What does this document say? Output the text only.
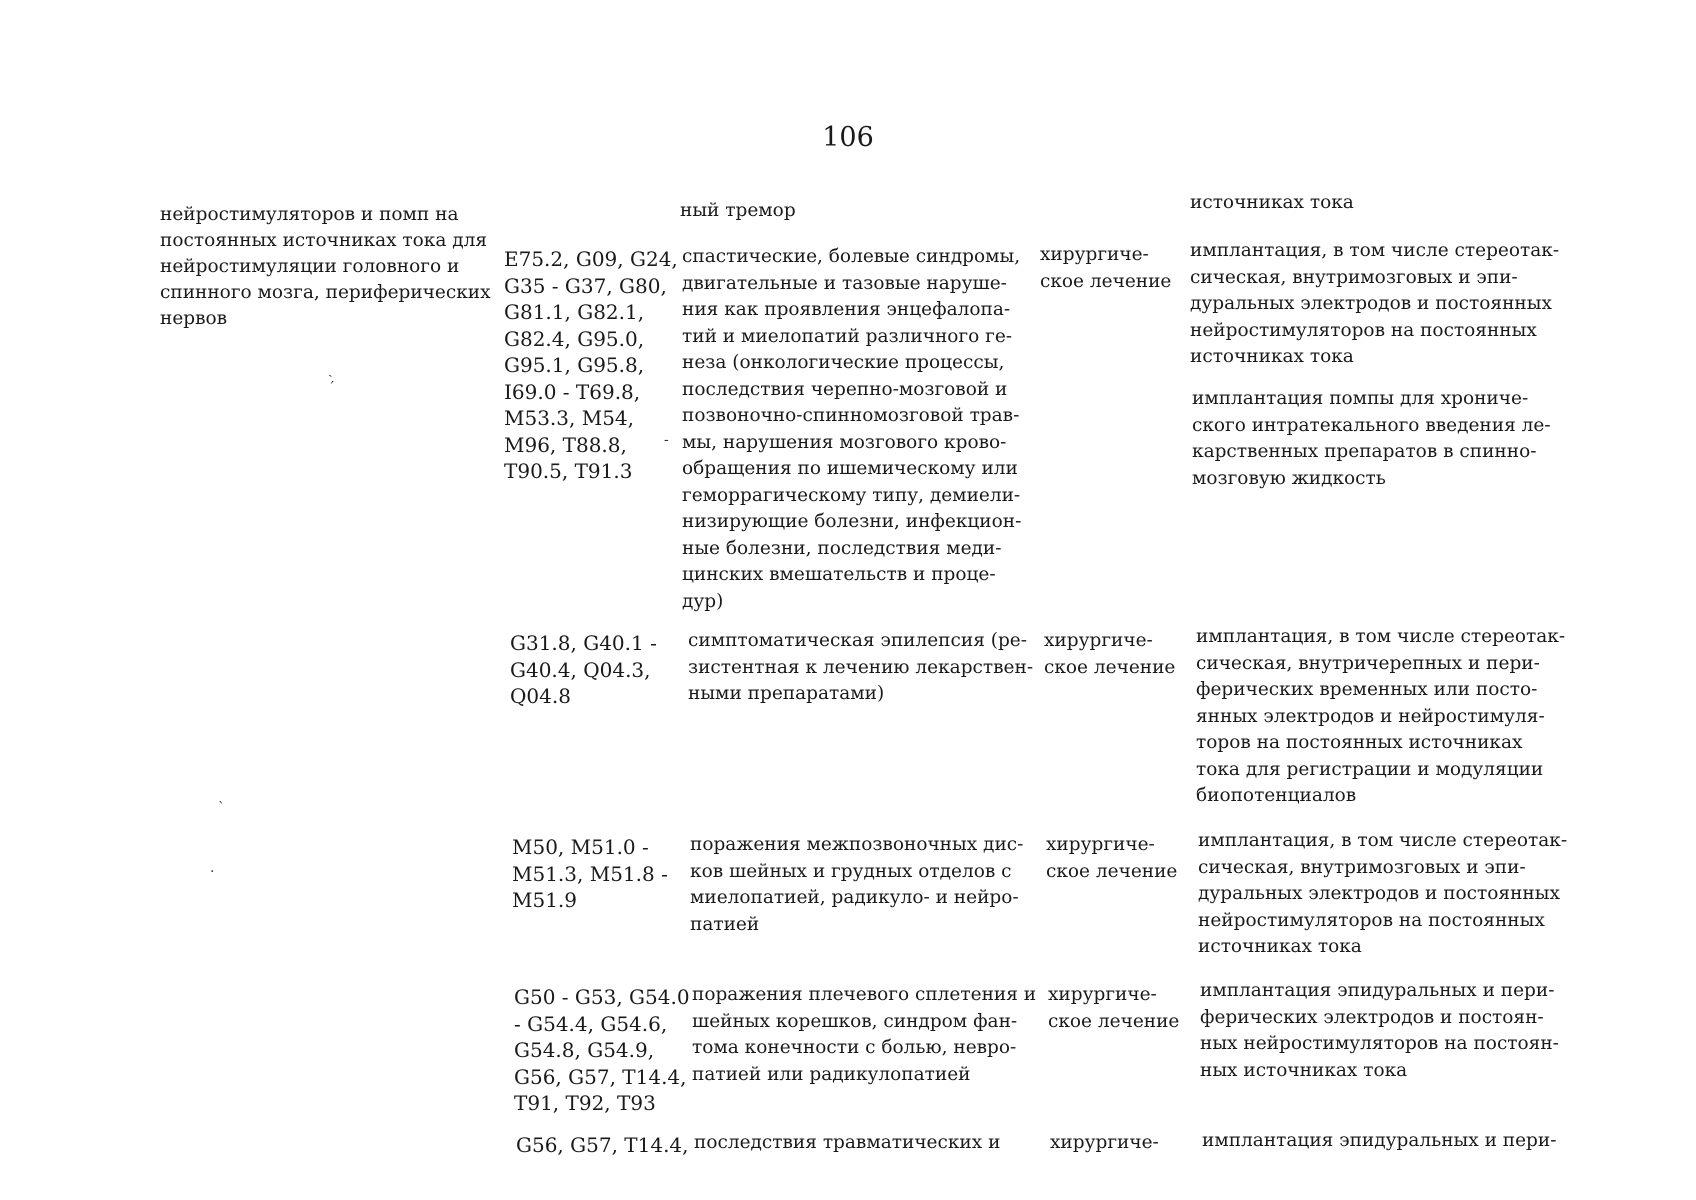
106
нейростимуляторов и помп на
постоянных источниках тока для
нейростимуляции головного и
спинного мозга, периферических
нервов
ный тремор	источниках тока
E75.2, G09, G24,
G35 - G37, G80,
G81.1, G82.1,
G82.4, G95.0,
G95.1, G95.8,
I69.0 - T69.8,
M53.3, M54,
M96, T88.8,
T90.5, T91.3
спастические, болевые синдромы,
двигательные и тазовые наруше-
ния как проявления энцефалопа-
тий и миелопатий различного ге-
неза (онкологические процессы,
последствия черепно-мозговой и
позвоночно-спинномозговой трав-
мы, нарушения мозгового крово-
обращения по ишемическому или
геморрагическому типу, демиели-
низирующие болезни, инфекцион-
ные болезни, последствия меди-
цинских вмешательств и проце-
дур)
хирургиче-
ское лечение
имплантация, в том числе стереотак-
сическая, внутримозговых и эпи-
дуральных электродов и постоянных
нейростимуляторов на постоянных
источниках тока
имплантация помпы для хрониче-
ского интратекального введения ле-
карственных препаратов в спинно-
мозговую жидкость
G31.8, G40.1 -
G40.4, Q04.3,
Q04.8
симптоматическая эпилепсия (ре-
зистентная к лечению лекарствен-
ными препаратами)
хирургиче-
ское лечение
имплантация, в том числе стереотак-
сическая, внутричерепных и пери-
ферических временных или посто-
янных электродов и нейростимуля-
торов на постоянных источниках
тока для регистрации и модуляции
биопотенциалов
M50, M51.0 -
M51.3, M51.8 -
M51.9
поражения межпозвоночных дис-
ков шейных и грудных отделов с
миелопатией, радикуло- и нейро-
патией
хирургиче-
ское лечение
имплантация, в том числе стереотак-
сическая, внутримозговых и эпи-
дуральных электродов и постоянных
нейростимуляторов на постоянных
источниках тока
G50 - G53, G54.0
- G54.4, G54.6,
G54.8, G54.9,
G56, G57, T14.4,
T91, T92, T93
поражения плечевого сплетения и
шейных корешков, синдром фан-
тома конечности с болью, невро-
патией или радикулопатией
хирургиче-
ское лечение
имплантация эпидуральных и пери-
ферических электродов и постоян-
ных нейростимуляторов на постоян-
ных источниках тока
G56, G57, T14.4, последствия травматических и	хирургиче- имплантация эпидуральных и пери-
ˏ
ˊ
-
ˋ
·
